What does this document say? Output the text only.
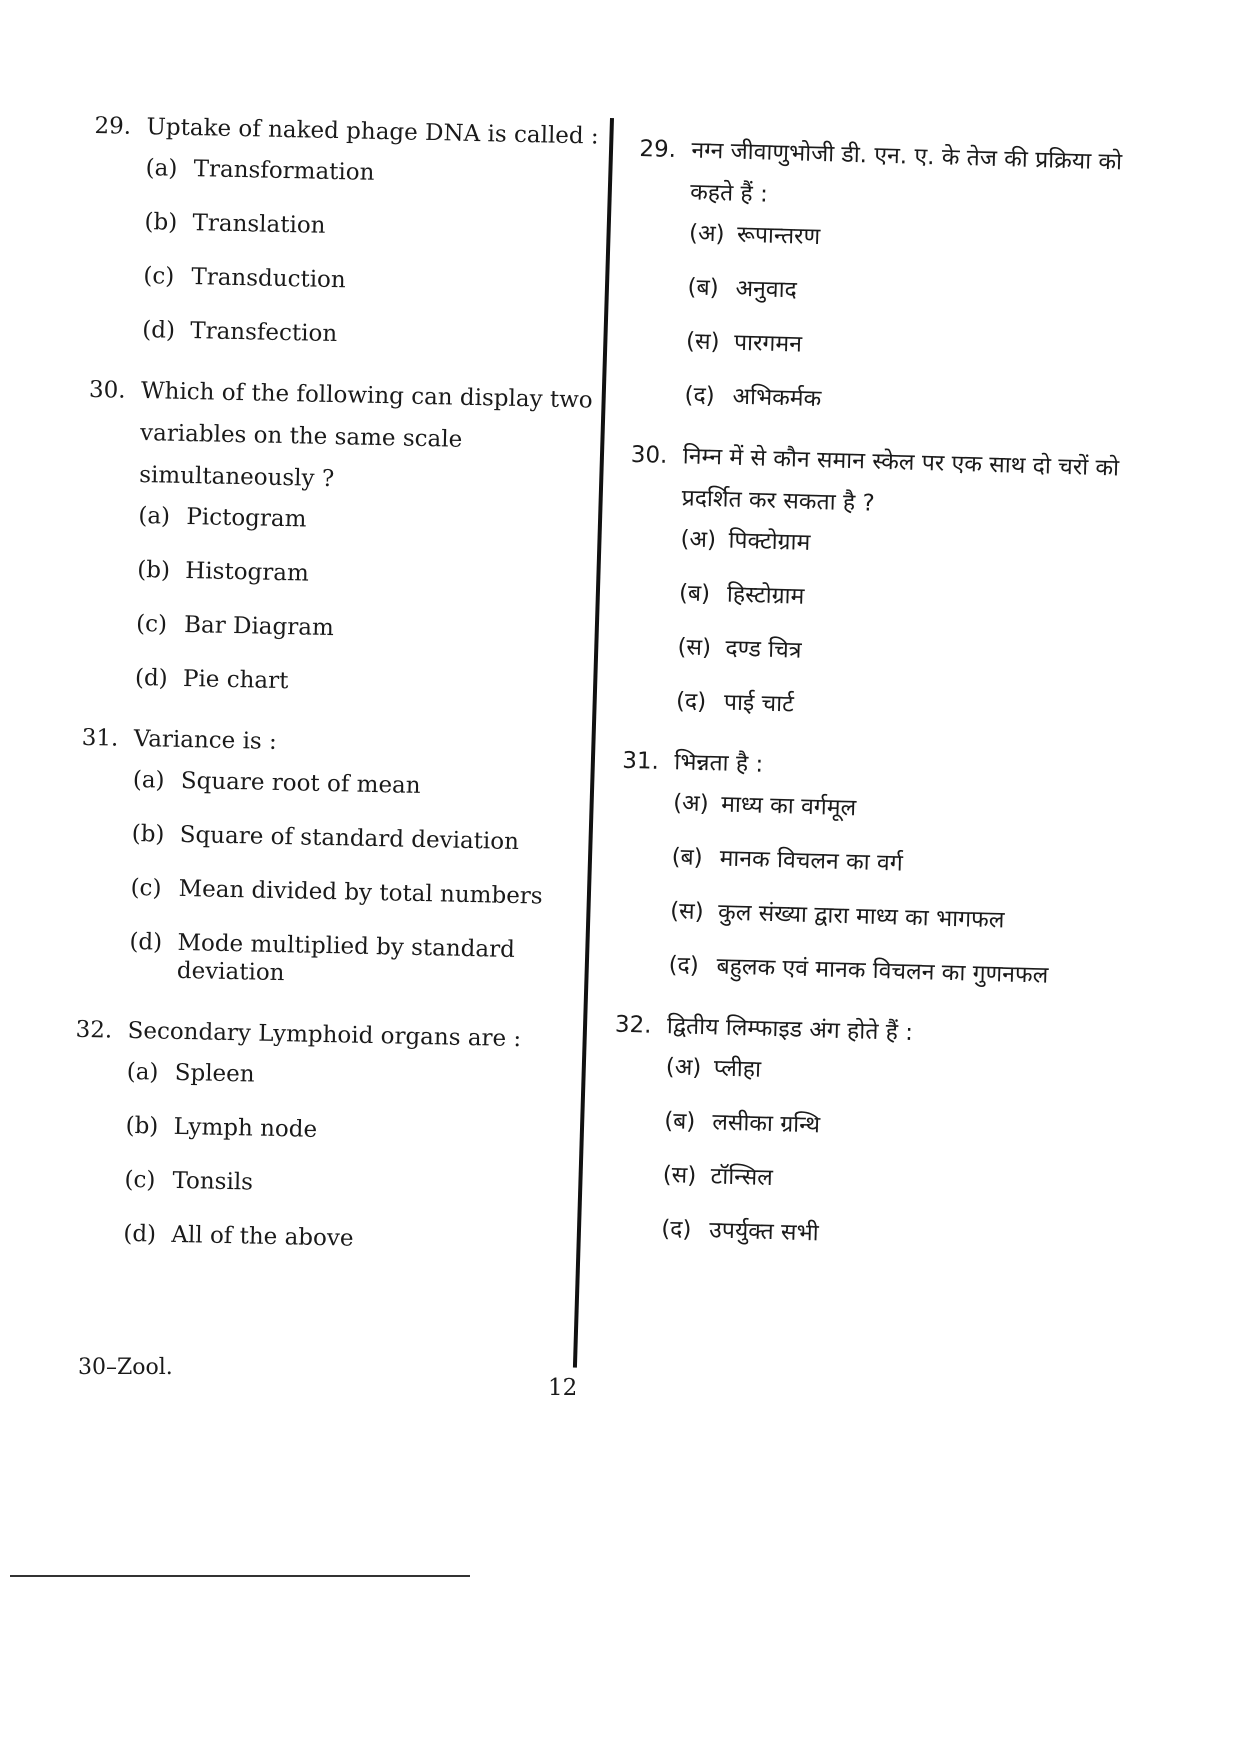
29. Uptake of naked phage DNA is called :
(a) Transformation
(b) Translation
(c) Transduction
(d) Transfection
30. Which of the following can display two variables on the same scale simultaneously ?
(a) Pictogram
(b) Histogram
(c) Bar Diagram
(d) Pie chart
31. Variance is :
(a) Square root of mean
(b) Square of standard deviation
(c) Mean divided by total numbers
(d) Mode multiplied by standard deviation
32. Secondary Lymphoid organs are :
(a) Spleen
(b) Lymph node
(c) Tonsils
(d) All of the above
29. नग्न जीवाणुभोजी डी. एन. ए. के तेज की प्रक्रिया को कहते हैं :
(अ) रूपान्तरण
(ब) अनुवाद
(स) पारगमन
(द) अभिकर्मक
30. निम्न में से कौन समान स्केल पर एक साथ दो चरों को प्रदर्शित कर सकता है ?
(अ) पिक्टोग्राम
(ब) हिस्टोग्राम
(स) दण्ड चित्र
(द) पाई चार्ट
31. भिन्नता है :
(अ) माध्य का वर्गमूल
(ब) मानक विचलन का वर्ग
(स) कुल संख्या द्वारा माध्य का भागफल
(द) बहुलक एवं मानक विचलन का गुणनफल
32. द्वितीय लिम्फाइड अंग होते हैं :
(अ) प्लीहा
(ब) लसीका ग्रन्थि
(स) टॉन्सिल
(द) उपर्युक्त सभी
30–Zool.
12
